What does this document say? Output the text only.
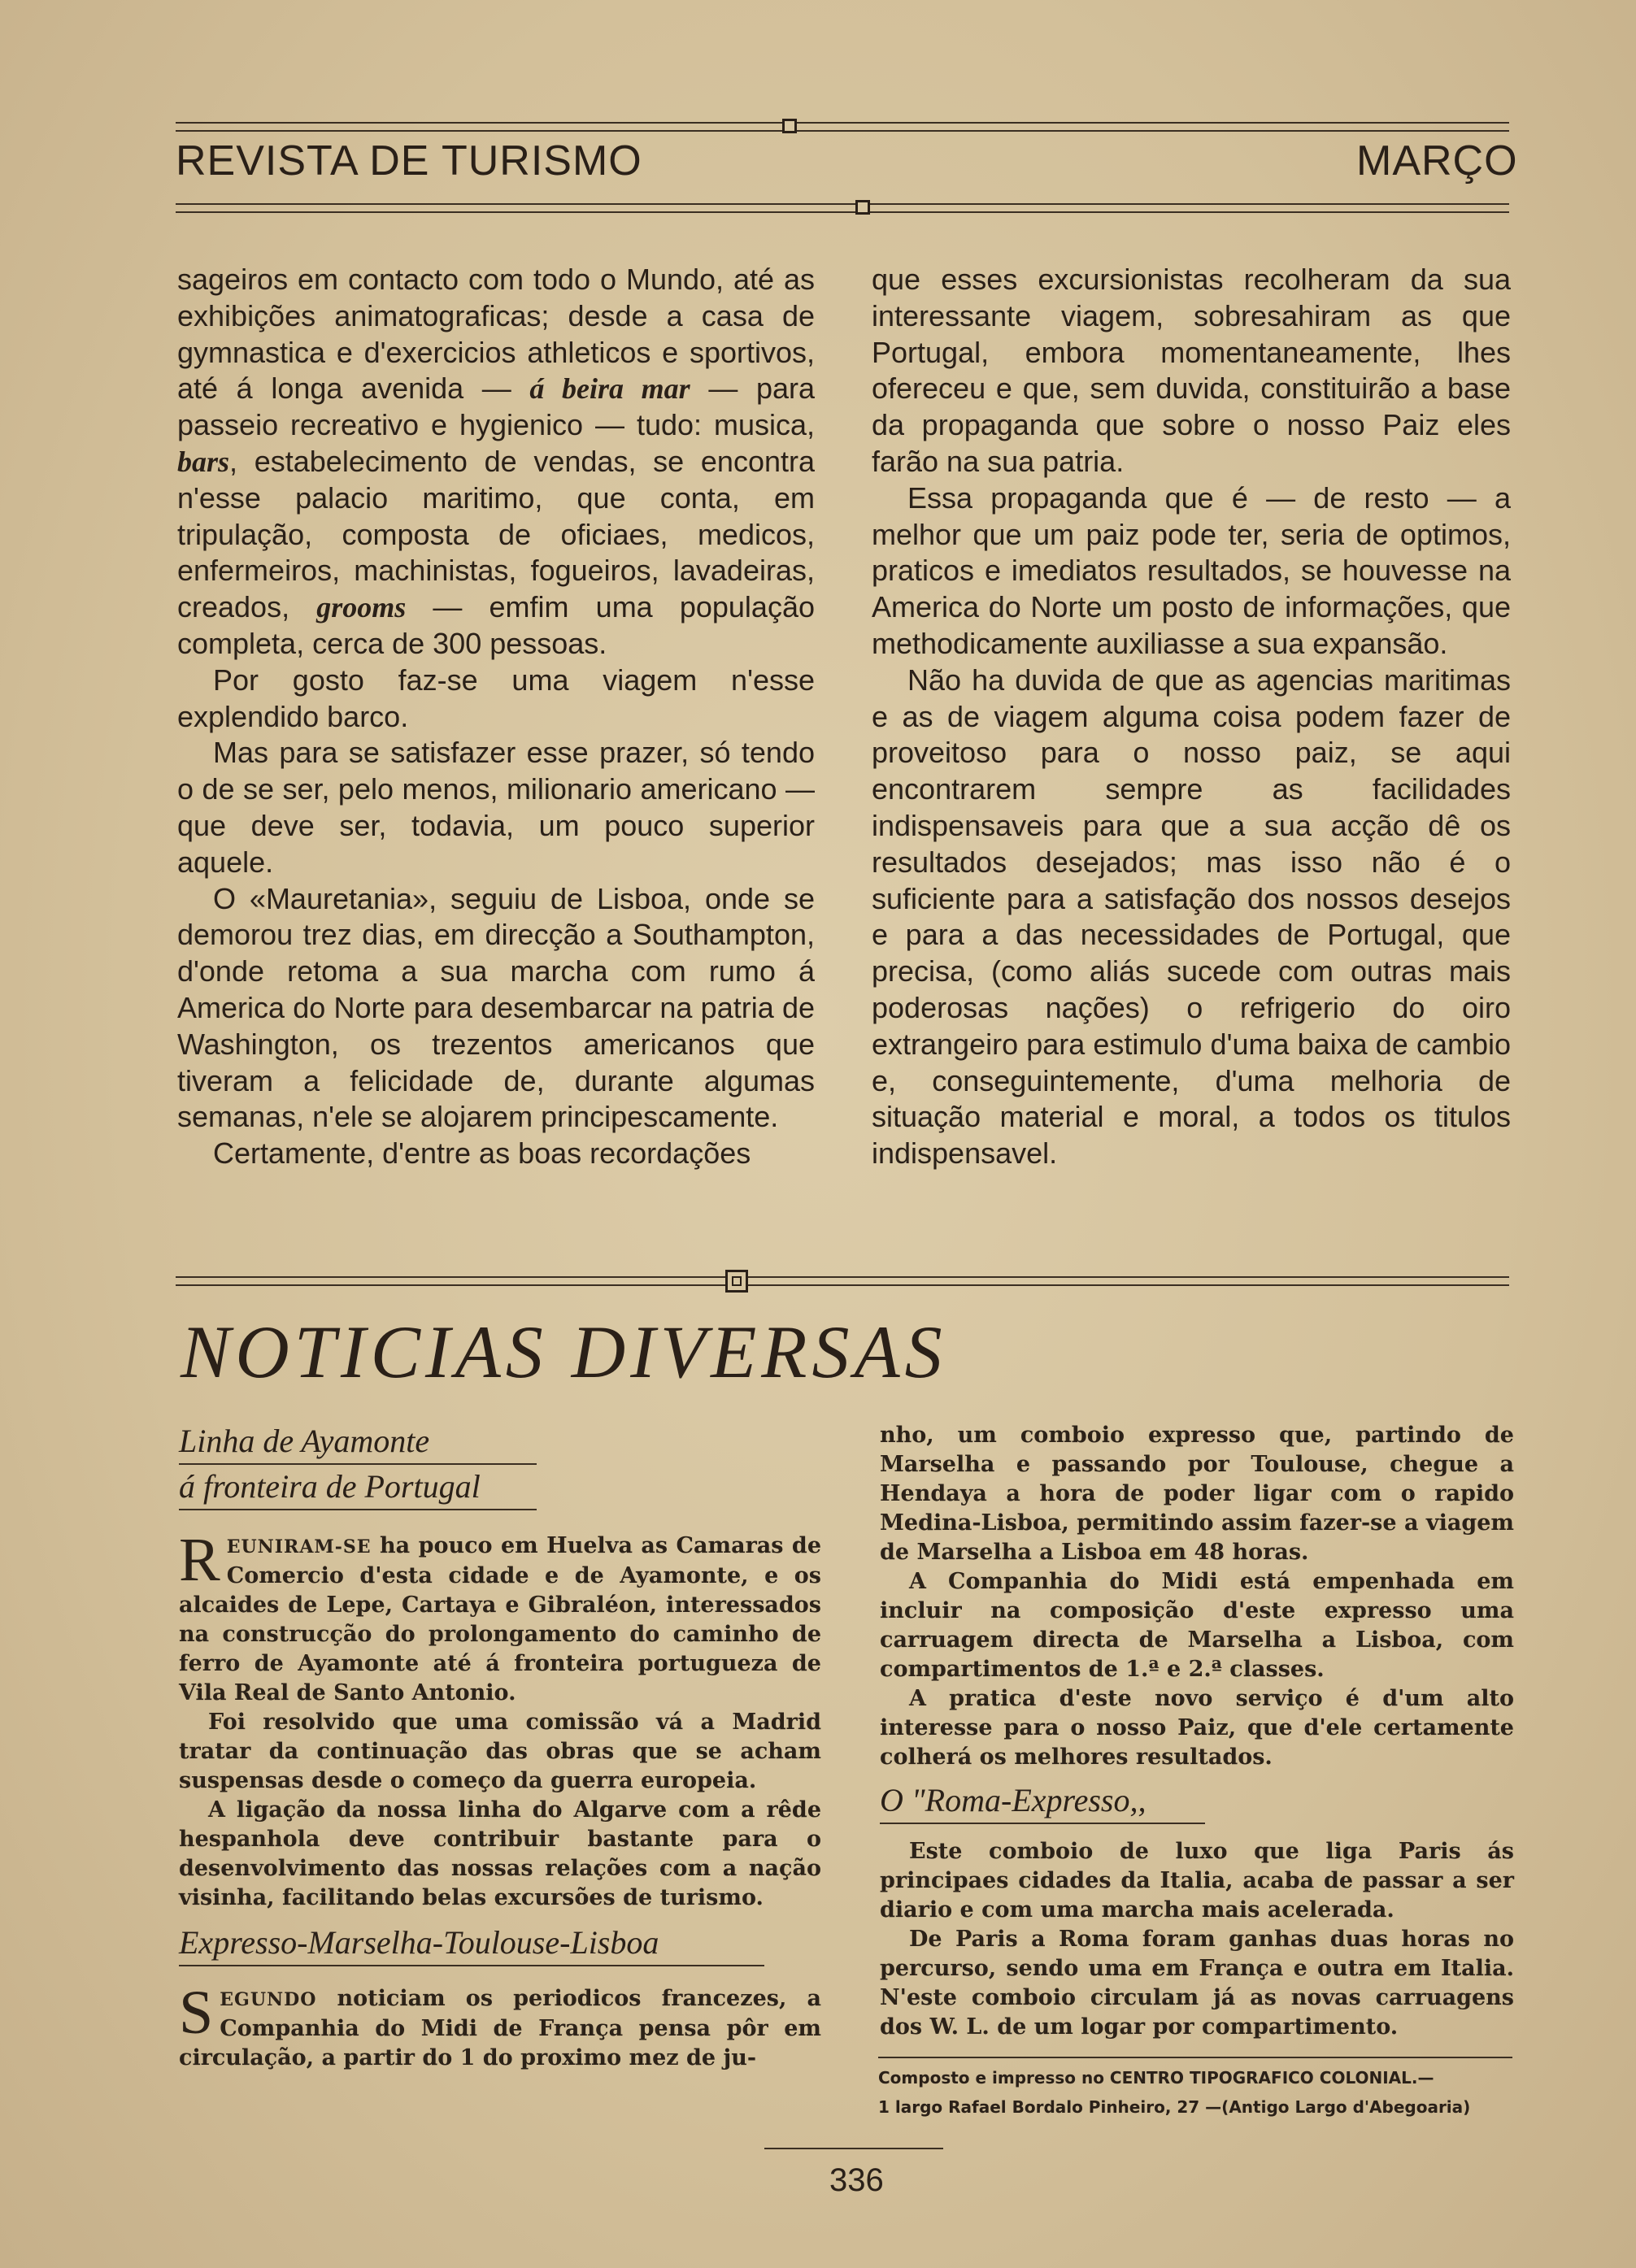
REVISTA DE TURISMO	MARÇO

sageiros em contacto com todo o Mundo, até as exhibições animatograficas; desde a casa de gymnastica e d'exercicios athleticos e sportivos, até á longa avenida — á beira mar — para passeio recreativo e hygienico — tudo: musica, bars, estabelecimento de vendas, se encontra n'esse palacio maritimo, que conta, em tripulação, composta de oficiaes, medicos, enfermeiros, machinistas, fogueiros, lavadeiras, creados, grooms — emfim uma população completa, cerca de 300 pessoas.

Por gosto faz-se uma viagem n'esse explendido barco.

Mas para se satisfazer esse prazer, só tendo o de se ser, pelo menos, milionario americano — que deve ser, todavia, um pouco superior aquele.

O «Mauretania», seguiu de Lisboa, onde se demorou trez dias, em direcção a Southampton, d'onde retoma a sua marcha com rumo á America do Norte para desembarcar na patria de Washington, os trezentos americanos que tiveram a felicidade de, durante algumas semanas, n'ele se alojarem principescamente.

Certamente, d'entre as boas recordações

que esses excursionistas recolheram da sua interessante viagem, sobresahiram as que Portugal, embora momentaneamente, lhes ofereceu e que, sem duvida, constituirão a base da propaganda que sobre o nosso Paiz eles farão na sua patria.

Essa propaganda que é — de resto — a melhor que um paiz pode ter, seria de optimos, praticos e imediatos resultados, se houvesse na America do Norte um posto de informações, que methodicamente auxiliasse a sua expansão.

Não ha duvida de que as agencias maritimas e as de viagem alguma coisa podem fazer de proveitoso para o nosso paiz, se aqui encontrarem sempre as facilidades indispensaveis para que a sua acção dê os resultados desejados; mas isso não é o suficiente para a satisfação dos nossos desejos e para a das necessidades de Portugal, que precisa, (como aliás sucede com outras mais poderosas nações) o refrigerio do oiro extrangeiro para estimulo d'uma baixa de cambio e, conseguintemente, d'uma melhoria de situação material e moral, a todos os titulos indispensavel.

NOTICIAS DIVERSAS
Linha de Ayamonte
á fronteira de Portugal

REUNIRAM-SE ha pouco em Huelva as Camaras de Comercio d'esta cidade e de Ayamonte, e os alcaides de Lepe, Cartaya e Gibraléon, interessados na construcção do prolongamento do caminho de ferro de Ayamonte até á fronteira portugueza de Vila Real de Santo Antonio.

Foi resolvido que uma comissão vá a Madrid tratar da continuação das obras que se acham suspensas desde o começo da guerra europeia.

A ligação da nossa linha do Algarve com a rêde hespanhola deve contribuir bastante para o desenvolvimento das nossas relações com a nação visinha, facilitando belas excursões de turismo.

Expresso-Marselha-Toulouse-Lisboa

SEGUNDO noticiam os periodicos francezes, a Companhia do Midi de França pensa pôr em circulação, a partir do 1 do proximo mez de ju-

nho, um comboio expresso que, partindo de Marselha e passando por Toulouse, chegue a Hendaya a hora de poder ligar com o rapido Medina-Lisboa, permitindo assim fazer-se a viagem de Marselha a Lisboa em 48 horas.

A Companhia do Midi está empenhada em incluir na composição d'este expresso uma carruagem directa de Marselha a Lisboa, com compartimentos de 1.ª e 2.ª classes.

A pratica d'este novo serviço é d'um alto interesse para o nosso Paiz, que d'ele certamente colherá os melhores resultados.

O "Roma-Expresso,,

Este comboio de luxo que liga Paris ás principaes cidades da Italia, acaba de passar a ser diario e com uma marcha mais acelerada.

De Paris a Roma foram ganhas duas horas no percurso, sendo uma em França e outra em Italia. N'este comboio circulam já as novas carruagens dos W. L. de um logar por compartimento.

Composto e impresso no CENTRO TIPOGRAFICO COLONIAL.—
1 largo Rafael Bordalo Pinheiro, 27 —(Antigo Largo d'Abegoaria)
336
